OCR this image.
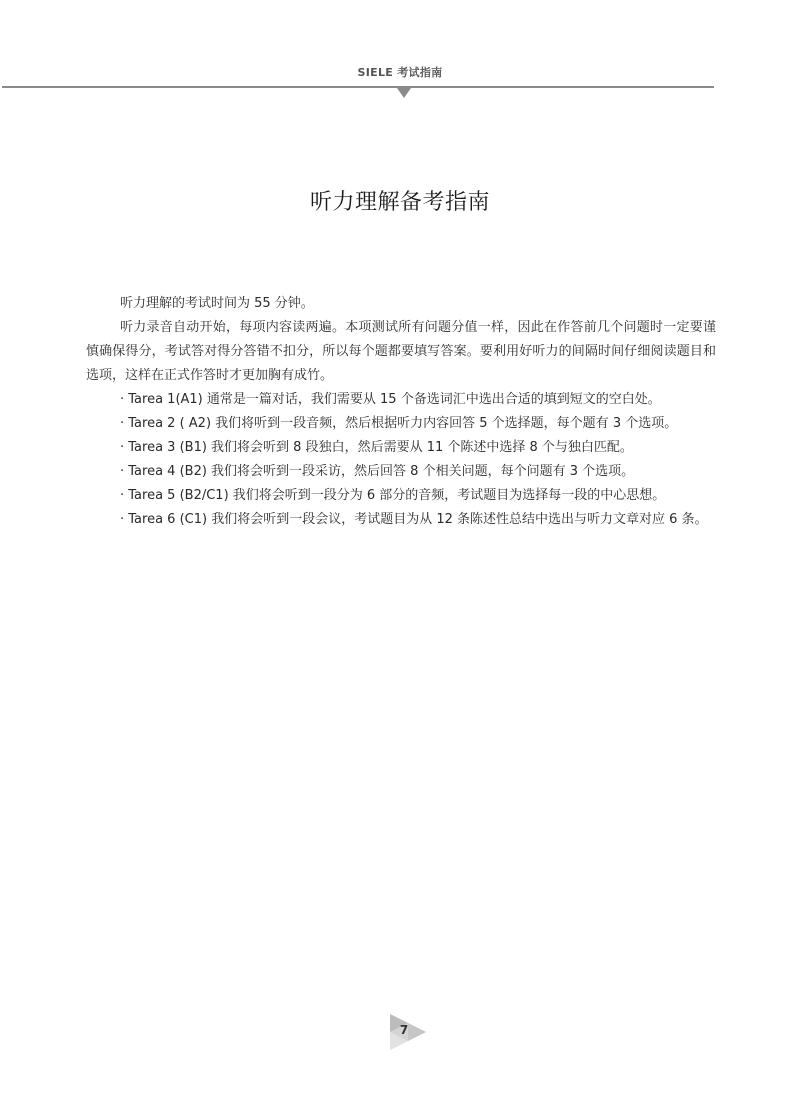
SIELE 考试指南
听力理解备考指南

听力理解的考试时间为 55 分钟。

听力录音自动开始，每项内容读两遍。本项测试所有问题分值一样，因此在作答前几个问题时一定要谨慎确保得分，考试答对得分答错不扣分，所以每个题都要填写答案。要利用好听力的间隔时间仔细阅读题目和选项，这样在正式作答时才更加胸有成竹。

· Tarea 1(A1) 通常是一篇对话，我们需要从 15 个备选词汇中选出合适的填到短文的空白处。

· Tarea 2 ( A2) 我们将听到一段音频，然后根据听力内容回答 5 个选择题，每个题有 3 个选项。

· Tarea 3 (B1) 我们将会听到 8 段独白，然后需要从 11 个陈述中选择 8 个与独白匹配。

· Tarea 4 (B2) 我们将会听到一段采访，然后回答 8 个相关问题，每个问题有 3 个选项。

· Tarea 5 (B2/C1) 我们将会听到一段分为 6 部分的音频，考试题目为选择每一段的中心思想。

· Tarea 6 (C1) 我们将会听到一段会议，考试题目为从 12 条陈述性总结中选出与听力文章对应 6 条。

7
